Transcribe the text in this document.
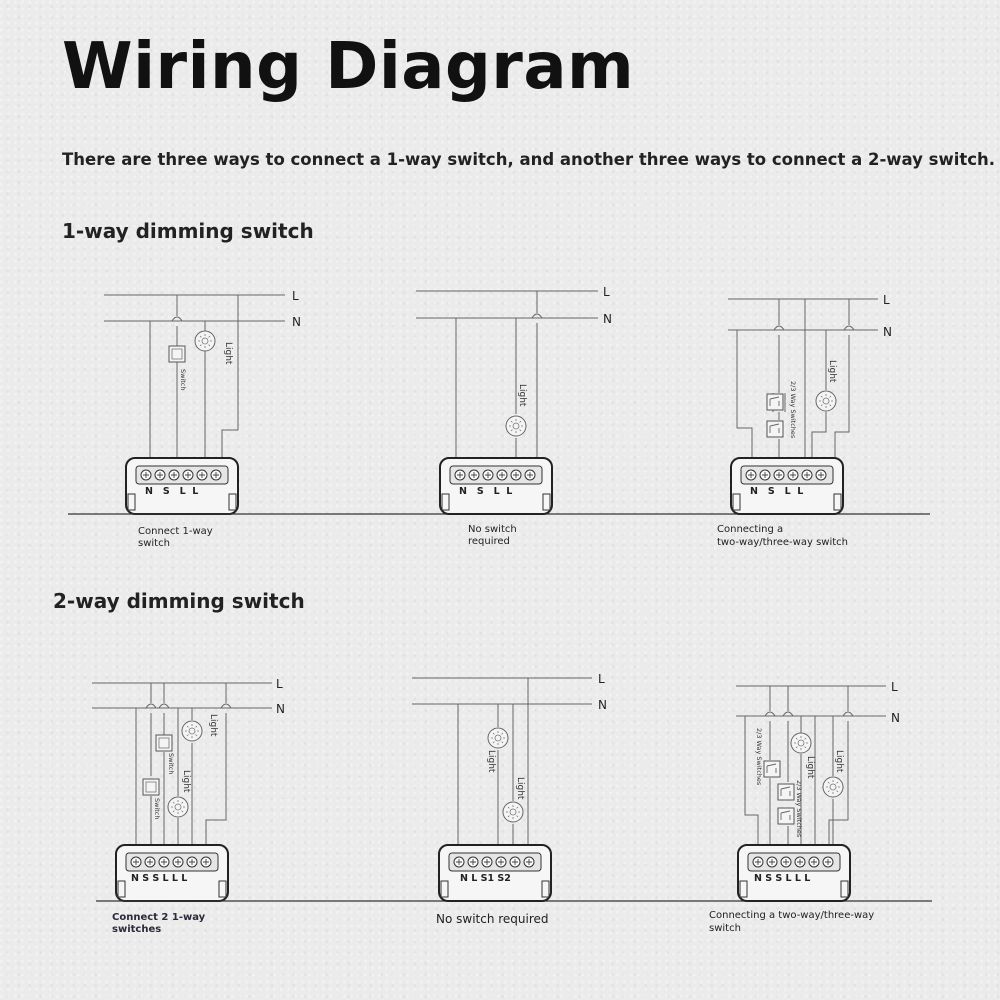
Wiring Diagram

There are three ways to connect a 1-way switch, and another three ways to connect a 2-way switch.

1-way dimming switch
2-way dimming switch
L
N
Light
Switch
N   S   L  L
Connect 1-way
switch
L
N
Light
N   S   L  L
No switch
required
L
N
2/3 Way Switches
Light
N   S   L  L
Connecting a
two-way/three-way switch
L
N
Light
Light
Switch
Switch
N S S L L L
Connect 2 1-way
switches
L
N
Light
Light
N L S1 S2
No switch required
L
N
2/3 Way Switches
2/3 Way Switches
Light Light
N S S L L L
Connecting a two-way/three-way
switch
